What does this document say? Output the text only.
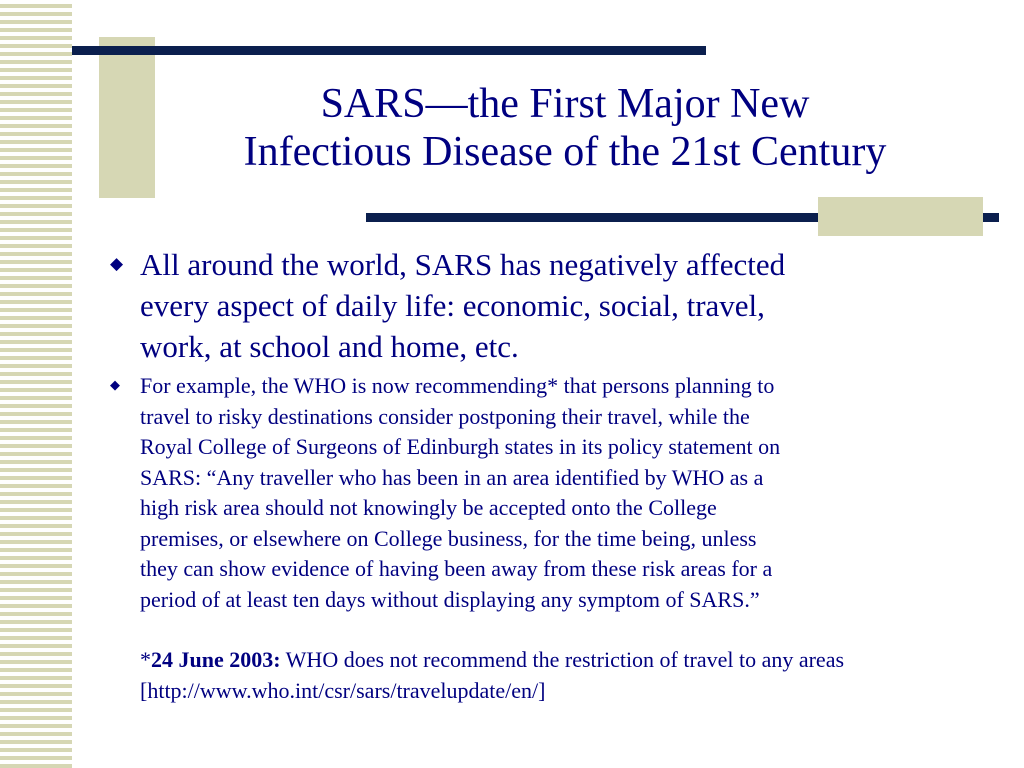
SARS—the First Major New
Infectious Disease of the 21st Century
◆ All around the world, SARS has negatively affected
every aspect of daily life: economic, social, travel,
work, at school and home, etc.
◆ For example, the WHO is now recommending* that persons planning to
travel to risky destinations consider postponing their travel, while the
Royal College of Surgeons of Edinburgh states in its policy statement on
SARS: “Any traveller who has been in an area identified by WHO as a
high risk area should not knowingly be accepted onto the College
premises, or elsewhere on College business, for the time being, unless
they can show evidence of having been away from these risk areas for a
period of at least ten days without displaying any symptom of SARS.”
*24 June 2003: WHO does not recommend the restriction of travel to any areas
[http://www.who.int/csr/sars/travelupdate/en/]
